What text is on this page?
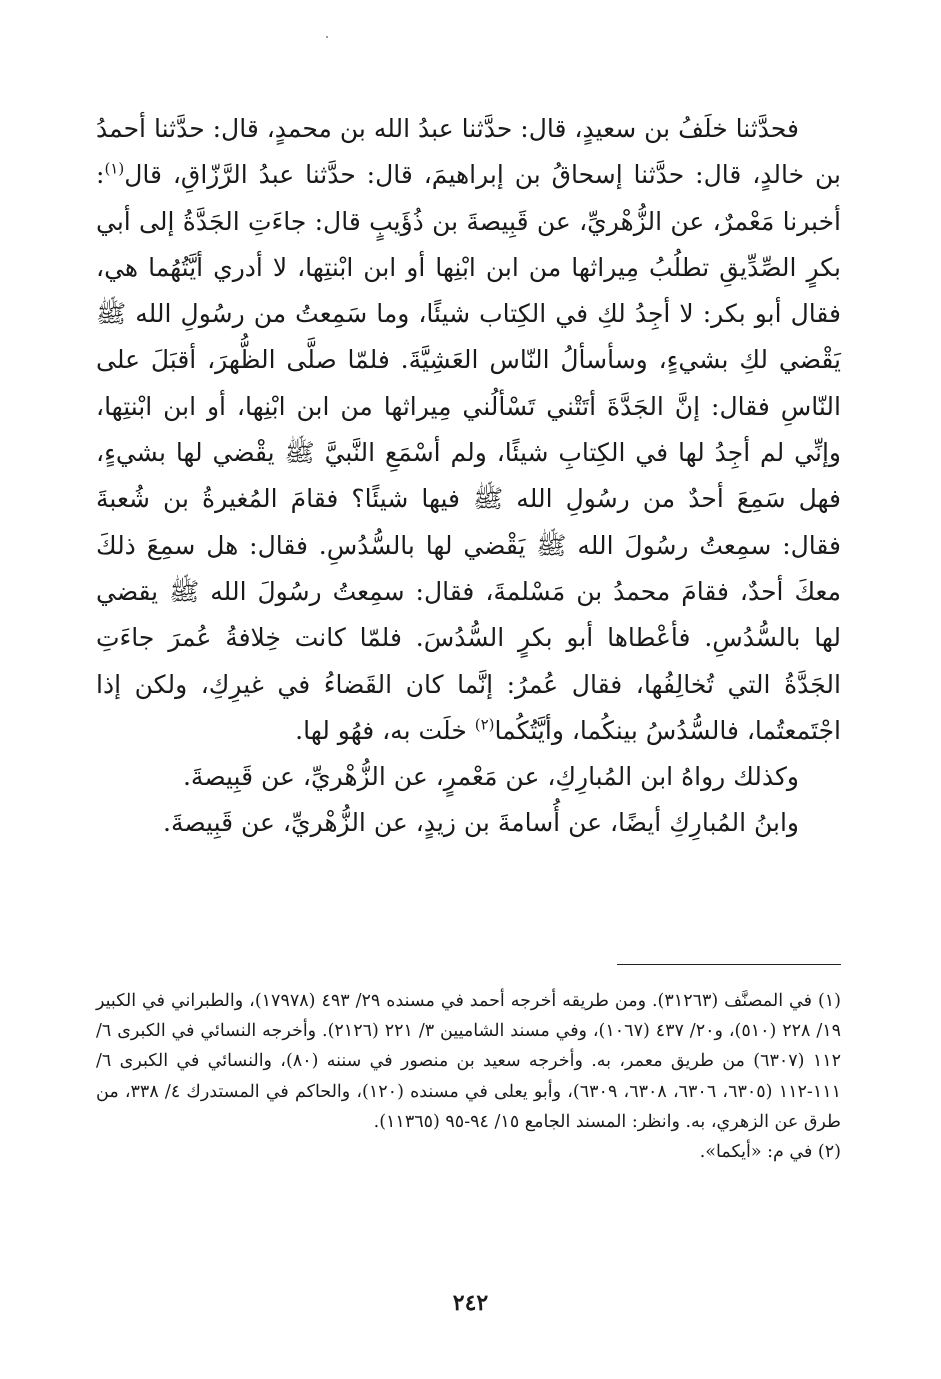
فحدَّثنا خلَفُ بن سعيدٍ، قال: حدَّثنا عبدُ الله بن محمدٍ، قال: حدَّثنا أحمدُ بن خالدٍ، قال: حدَّثنا إسحاقُ بن إبراهيمَ، قال: حدَّثنا عبدُ الرَّزّاقِ، قال$^{(١)}$: أخبرنا مَعْمرٌ، عن الزُّهْريِّ، عن قَبِيصةَ بن ذُؤَيبٍ قال: جاءَتِ الجَدَّةُ إلى أبي بكرٍ الصِّدِّيقِ تطلُبُ مِيراثها من ابن ابْنِها أو ابن ابْنتِها، لا أدري أيَّتُهُما هي، فقال أبو بكر: لا أجِدُ لكِ في الكِتاب شيئًا، وما سَمِعتُ من رسُولِ الله ﷺ يَقْضي لكِ بشيءٍ، وسأسألُ النّاس العَشِيَّةَ. فلمّا صلَّى الظُّهرَ، أقبَلَ على النّاسِ فقال: إنَّ الجَدَّةَ أتَتْني تَسْألُني مِيراثها من ابن ابْنِها، أو ابن ابْنتِها، وإنِّي لم أجِدُ لها في الكِتابِ شيئًا، ولم أسْمَعِ النَّبيَّ ﷺ يقْضي لها بشيءٍ، فهل سَمِعَ أحدٌ من رسُولِ الله ﷺ فيها شيئًا؟ فقامَ المُغيرةُ بن شُعبةَ فقال: سمِعتُ رسُولَ الله ﷺ يَقْضي لها بالسُّدُسِ. فقال: هل سمِعَ ذلكَ معكَ أحدٌ، فقامَ محمدُ بن مَسْلمةَ، فقال: سمِعتُ رسُولَ الله ﷺ يقضي لها بالسُّدُسِ. فأعْطاها أبو بكرٍ السُّدُسَ. فلمّا كانت خِلافةُ عُمرَ جاءَتِ الجَدَّةُ التي تُخالِفُها، فقال عُمرُ: إنَّما كان القَضاءُ في غيرِكِ، ولكن إذا اجْتَمعتُما، فالسُّدُسُ بينكُما، وأيَّتُكُما$^{(٢)}$ خلَت به، فهُو لها.

وكذلك رواهُ ابن المُبارِكِ، عن مَعْمرٍ، عن الزُّهْريِّ، عن قَبِيصةَ.

وابنُ المُبارِكِ أيضًا، عن أُسامةَ بن زيدٍ، عن الزُّهْريِّ، عن قَبِيصةَ.

(١) في المصنَّف (٣١٢٦٣). ومن طريقه أخرجه أحمد في مسنده ٢٩/ ٤٩٣ (١٧٩٧٨)، والطبراني في الكبير ١٩/ ٢٢٨ (٥١٠)، و٢٠/ ٤٣٧ (١٠٦٧)، وفي مسند الشاميين ٣/ ٢٢١ (٢١٢٦). وأخرجه النسائي في الكبرى ٦/ ١١٢ (٦٣٠٧) من طريق معمر، به. وأخرجه سعيد بن منصور في سننه (٨٠)، والنسائي في الكبرى ٦/ ١١١-١١٢ (٦٣٠٥، ٦٣٠٦، ٦٣٠٨، ٦٣٠٩)، وأبو يعلى في مسنده (١٢٠)، والحاكم في المستدرك ٤/ ٣٣٨، من طرق عن الزهري، به. وانظر: المسند الجامع ١٥/ ٩٤-٩٥ (١١٣٦٥).

(٢) في م: «أيكما».

٢٤٢
